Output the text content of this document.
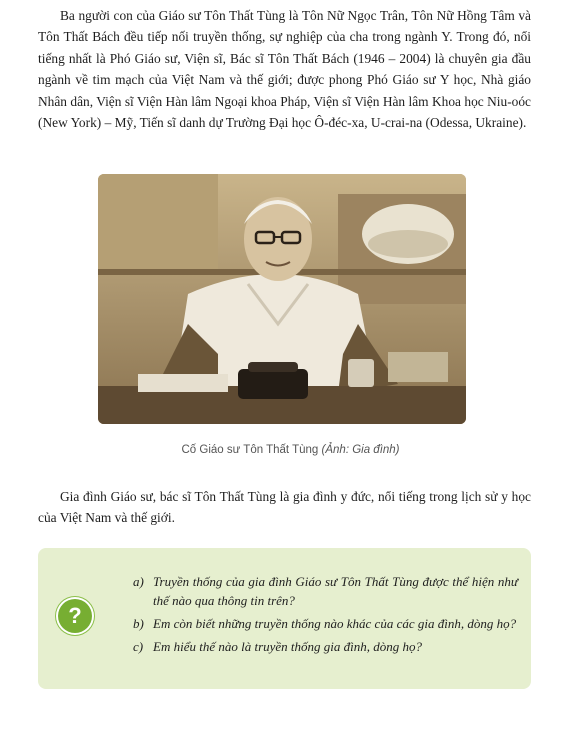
Ba người con của Giáo sư Tôn Thất Tùng là Tôn Nữ Ngọc Trân, Tôn Nữ Hồng Tâm và Tôn Thất Bách đều tiếp nối truyền thống, sự nghiệp của cha trong ngành Y. Trong đó, nổi tiếng nhất là Phó Giáo sư, Viện sĩ, Bác sĩ Tôn Thất Bách (1946 – 2004) là chuyên gia đầu ngành về tim mạch của Việt Nam và thế giới; được phong Phó Giáo sư Y học, Nhà giáo Nhân dân, Viện sĩ Viện Hàn lâm Ngoại khoa Pháp, Viện sĩ Viện Hàn lâm Khoa học Niu-oóc (New York) – Mỹ, Tiến sĩ danh dự Trường Đại học Ô-đéc-xa, U-crai-na (Odessa, Ukraine).

Cố Giáo sư Tôn Thất Tùng (Ảnh: Gia đình)

Gia đình Giáo sư, bác sĩ Tôn Thất Tùng là gia đình y đức, nổi tiếng trong lịch sử y học của Việt Nam và thế giới.

?
a) Truyền thống của gia đình Giáo sư Tôn Thất Tùng được thể hiện như thế nào qua thông tin trên?
b) Em còn biết những truyền thống nào khác của các gia đình, dòng họ?
c) Em hiểu thế nào là truyền thống gia đình, dòng họ?
